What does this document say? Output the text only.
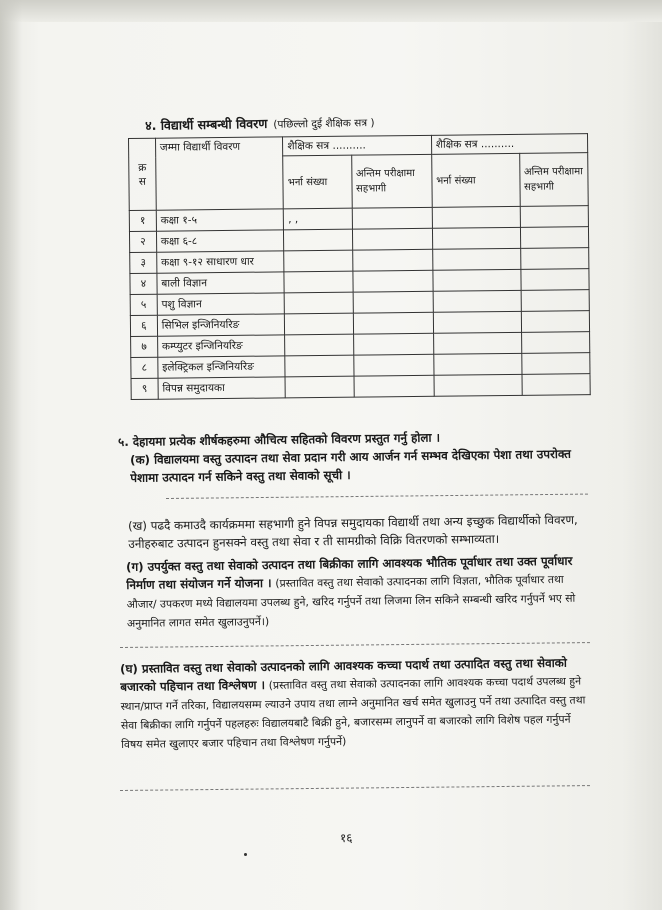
४. विद्यार्थी सम्बन्धी विवरण (पछिल्लो दुई शैक्षिक सत्र )
क्र स	जम्मा विद्यार्थी विवरण	शैक्षिक सत्र ..........		शैक्षिक सत्र ..........	
		भर्ना संख्या	अन्तिम परीक्षामा सहभागी	भर्ना संख्या	अन्तिम परीक्षामा सहभागी
१	कक्षा १-५	, ,			
२	कक्षा ६-८				
३	कक्षा ९-१२ साधारण धार				
४	बाली विज्ञान				
५	पशु विज्ञान				
६	सिभिल इन्जिनियरिङ				
७	कम्प्युटर इन्जिनियरिङ				
८	इलेक्ट्रिकल इन्जिनियरिङ				
९	विपन्न समुदायका				
५. देहायमा प्रत्येक शीर्षकहरुमा औचित्य सहितको विवरण प्रस्तुत गर्नु होला ।
(क) विद्यालयमा वस्तु उत्पादन तथा सेवा प्रदान गरी आय आर्जन गर्न सम्भव देखिएका पेशा तथा उपरोक्त पेशामा उत्पादन गर्न सकिने वस्तु तथा सेवाको सूची ।
(ख) पढदै कमाउदै कार्यक्रममा सहभागी हुने विपन्न समुदायका विद्यार्थी तथा अन्य इच्छुक विद्यार्थीको विवरण, उनीहरुबाट उत्पादन हुनसक्ने वस्तु तथा सेवा र ती सामग्रीको विक्रि वितरणको सम्भाव्यता।
(ग) उपर्युक्त वस्तु तथा सेवाको उत्पादन तथा बिक्रीका लागि आवश्यक भौतिक पूर्वाधार तथा उक्त पूर्वाधार निर्माण तथा संयोजन गर्ने योजना । (प्रस्तावित वस्तु तथा सेवाको उत्पादनका लागि विज्ञता, भौतिक पूर्वाधार तथा औजार/ उपकरण मध्ये विद्यालयमा उपलब्ध हुने, खरिद गर्नुपर्ने तथा लिजमा लिन सकिने सम्बन्धी खरिद गर्नुपर्ने भए सो अनुमानित लागत समेत खुलाउनुपर्ने।)
(घ) प्रस्तावित वस्तु तथा सेवाको उत्पादनको लागि आवश्यक कच्चा पदार्थ तथा उत्पादित वस्तु तथा सेवाको बजारको पहिचान तथा विश्लेषण । (प्रस्तावित वस्तु तथा सेवाको उत्पादनका लागि आवश्यक कच्चा पदार्थ उपलब्ध हुने स्थान/प्राप्त गर्ने तरिका, विद्यालयसम्म ल्याउने उपाय तथा लाग्ने अनुमानित खर्च समेत खुलाउनु पर्ने तथा उत्पादित वस्तु तथा सेवा बिक्रीका लागि गर्नुपर्ने पहलहरुः विद्यालयबाटै बिक्री हुने, बजारसम्म लानुपर्ने वा बजारको लागि विशेष पहल गर्नुपर्ने विषय समेत खुलाएर बजार पहिचान तथा विश्लेषण गर्नुपर्ने)
१६
